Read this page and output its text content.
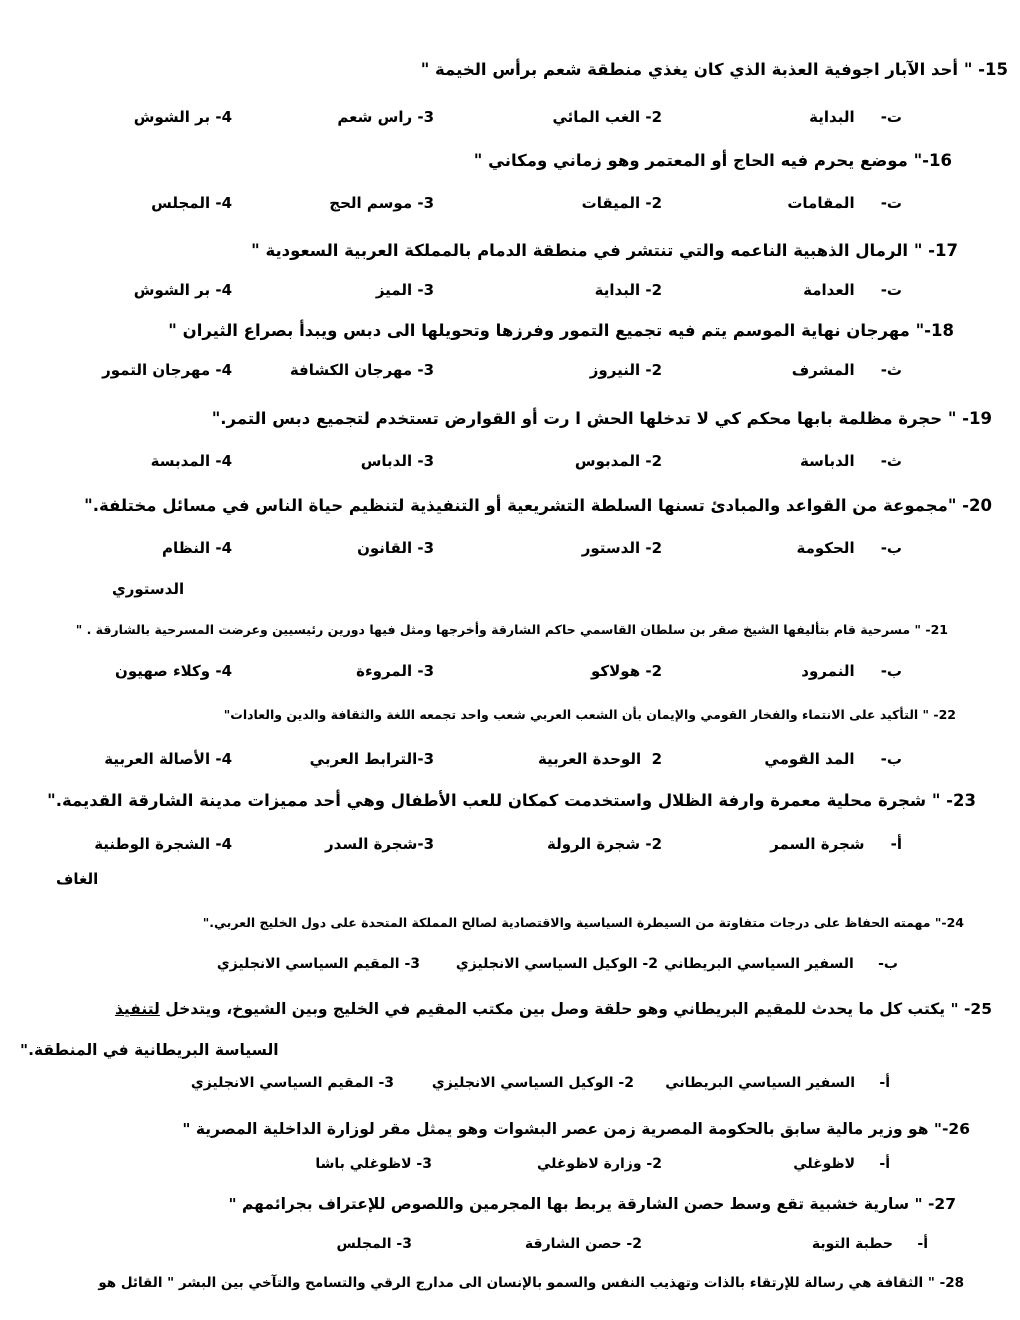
15- " أحد الآبار اجوفية العذبة الذي كان يغذي منطقة شعم برأس الخيمة "
ت-     البداية
2- الغب المائي
3- راس شعم
4- بر الشوش
16-" موضع يحرم فيه الحاج أو المعتمر وهو زماني ومكاني "
ت-     المقامات
2- الميقات
3- موسم الحج
4- المجلس
17- " الرمال الذهبية الناعمه والتي تنتشر في منطقة الدمام بالمملكة العربية السعودية "
ت-     العدامة
2- البداية
3- الميز
4- بر الشوش
18-" مهرجان نهاية الموسم يتم فيه تجميع التمور وفرزها وتحويلها الى دبس ويبدأ بصراع الثيران "
ث-     المشرف
2- النيروز
3- مهرجان الكشافة
4- مهرجان التمور
19- " حجرة مظلمة بابها محكم كي لا تدخلها الحش ا رت أو القوارض تستخدم لتجميع دبس التمر."
ث-     الدباسة
2- المدبوس
3- الدباس
4- المدبسة
20- "مجموعة من القواعد والمبادئ تسنها السلطة التشريعية أو التنفيذية لتنظيم حياة الناس في مسائل مختلفة."
ب-     الحكومة
2- الدستور
3- القانون
4- النظام
الدستوري
21- " مسرحية قام بتأليفها الشيخ صقر بن سلطان القاسمي حاكم الشارقة وأخرجها ومثل فيها دورين رئيسيين وعرضت المسرحية بالشارقة . "
ب-     النمرود
2- هولاكو
3- المروءة
4- وكلاء صهيون
22- " التأكيد على الانتماء والفخار القومي والإيمان بأن الشعب العربي شعب واحد تجمعه اللغة والثقافة والدين والعادات"
ب-     المد القومي
2  الوحدة العربية
3-الترابط العربي
4- الأصالة العربية
23- " شجرة محلية معمرة وارفة الظلال واستخدمت كمكان للعب الأطفال وهي أحد مميزات مدينة الشارقة القديمة."
أ-     شجرة السمر
2- شجرة الرولة
3-شجرة السدر
4- الشجرة الوطنية
الغاف
24-" مهمته الحفاظ على درجات متفاوتة من السيطرة السياسية والاقتصادية لصالح المملكة المتحدة على دول الخليج العربي."
ب-     السفير السياسي البريطاني
2- الوكيل السياسي الانجليزي
3- المقيم السياسي الانجليزي
25- " يكتب كل ما يحدث للمقيم البريطاني وهو حلقة وصل بين مكتب المقيم في الخليج وبين الشيوخ، ويتدخل لتنفيذ
أ-     السفير السياسي البريطاني
2- الوكيل السياسي الانجليزي
3- المقيم السياسي الانجليزي
السياسة البريطانية في المنطقة."
26-" هو وزير مالية سابق بالحكومة المصرية زمن عصر البشوات وهو يمثل مقر لوزارة الداخلية المصرية "
أ-     لاظوغلي
2- وزارة لاظوغلي
3- لاظوغلي باشا
27- " سارية خشبية تقع وسط حصن الشارقة يربط بها المجرمين واللصوص للإعتراف بجرائمهم "
أ-     حطبة التوبة
2- حصن الشارقة
3- المجلس
28- " الثقافة هي رسالة للإرتقاء بالذات وتهذيب النفس والسمو بالإنسان الى مدارج الرقي والتسامح والتآخي بين البشر " القائل هو
